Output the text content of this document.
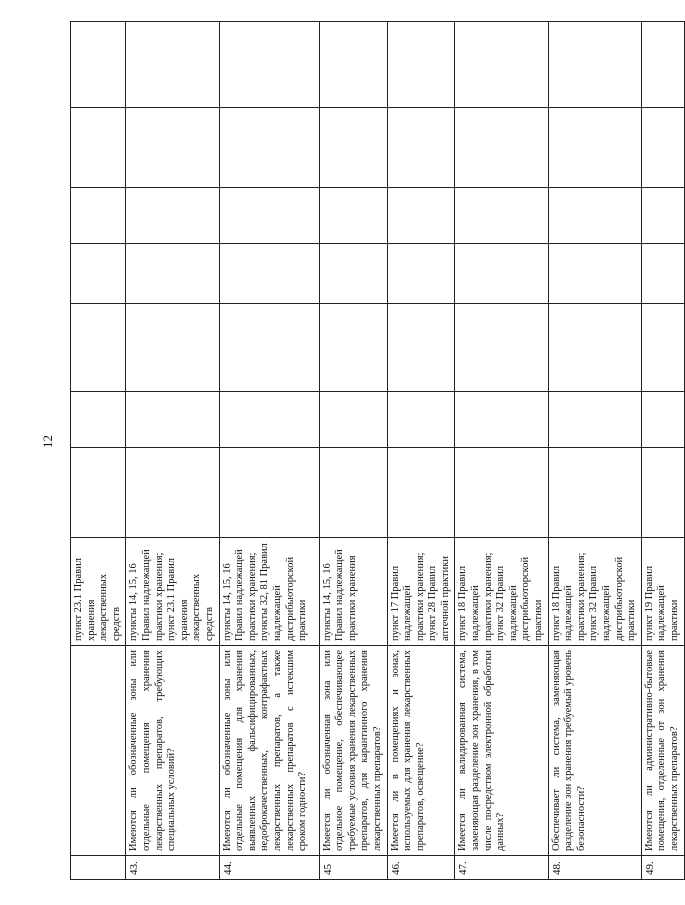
12
		пункт 23.1 Правил хранения лекарственных средств							
43.	Имеются ли обозначенные зоны или отдельные помещения хранения лекарственных препаратов, требующих специальных условий?	пункты 14, 15, 16 Правил надлежащей практики хранения; пункт 23.1 Правил хранения лекарственных средств							
44.	Имеются ли обозначенные зоны или отдельные помещения для хранения выявленных фальсифицированных, недоброкачественных, контрафактных лекарственных препаратов, а также лекарственных препаратов с истекшим сроком годности?	пункты 14, 15, 16 Правил надлежащей практики хранения; пункты 32, 81 Правил надлежащей дистрибьюторской практики							
45	Имеется ли обозначенная зона или отдельное помещение, обеспечивающее требуемые условия хранения лекарственных препаратов, для карантинного хранения лекарственных препаратов?	пункты 14, 15, 16 Правил надлежащей практики хранения							
46.	Имеется ли в помещениях и зонах, используемых для хранения лекарственных препаратов, освещение?	пункт 17 Правил надлежащей практики хранения; пункт 28 Правил аптечной практики							
47.	Имеется ли валидированная система, заменяющая разделение зон хранения, в том числе посредством электронной обработки данных?	пункт 18 Правил надлежащей практики хранения; пункт 32 Правил надлежащей дистрибьюторской практики							
48.	Обеспечивает ли система, заменяющая разделение зон хранения требуемый уровень безопасности?	пункт 18 Правил надлежащей практики хранения; пункт 32 Правил надлежащей дистрибьюторской практики							
49.	Имеются ли административно-бытовые помещения, отделенные от зон хранения лекарственных препаратов?	пункт 19 Правил надлежащей практики							
